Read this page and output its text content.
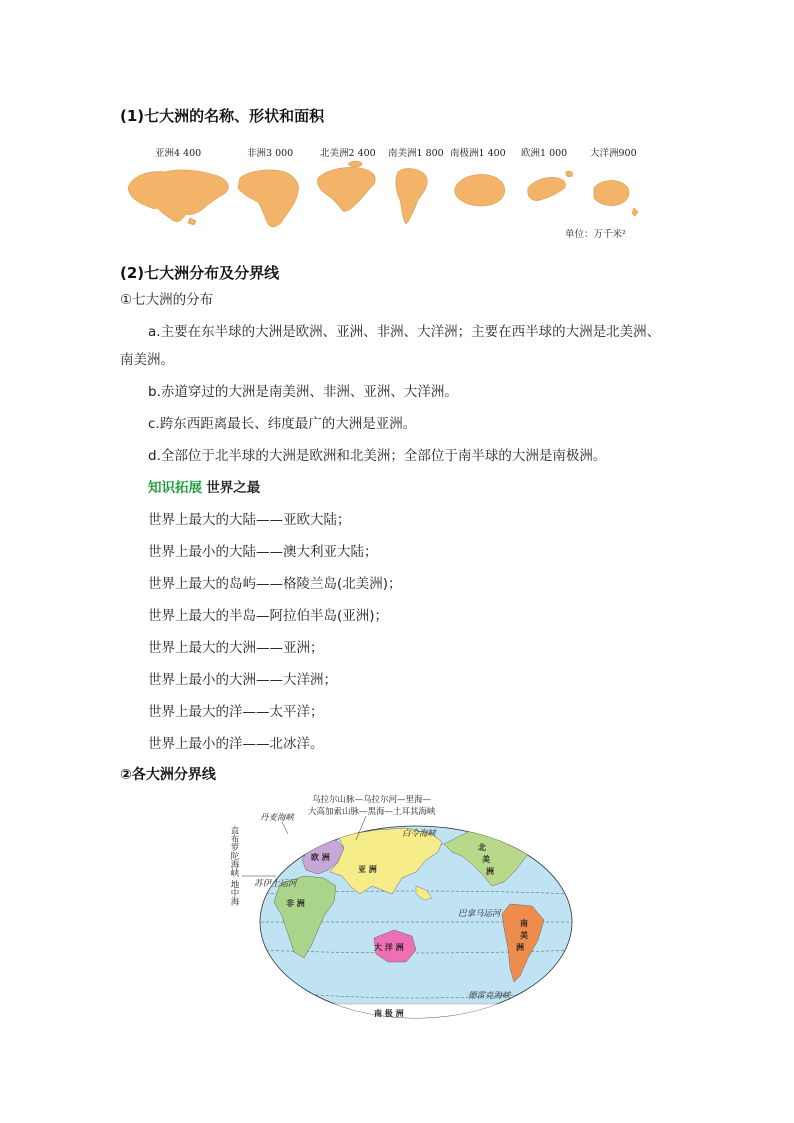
(1)七大洲的名称、形状和面积
亚洲4 400	非洲3 000	北美洲2 400 南美洲1 800 南极洲1 400 欧洲1 000 大洋洲900
单位：万千米²
(2)七大洲分布及分界线
①七大洲的分布
a.主要在东半球的大洲是欧洲、亚洲、非洲、大洋洲；主要在西半球的大洲是北美洲、
南美洲。
b.赤道穿过的大洲是南美洲、非洲、亚洲、大洋洲。
c.跨东西距离最长、纬度最广的大洲是亚洲。
d.全部位于北半球的大洲是欧洲和北美洲；全部位于南半球的大洲是南极洲。
知识拓展 世界之最
世界上最大的大陆——亚欧大陆；
世界上最小的大陆——澳大利亚大陆；
世界上最大的岛屿——格陵兰岛(北美洲)；
世界上最大的半岛—阿拉伯半岛(亚洲)；
世界上最大的大洲——亚洲；
世界上最小的大洲——大洋洲；
世界上最大的洋——太平洋；
世界上最小的洋——北冰洋。
②各大洲分界线
欧 洲
亚 洲
非 洲
北
美
洲
南
美
洲
大 洋 洲
南 极 洲
乌拉尔山脉—乌拉尔河—里海—
大高加索山脉—黑海—土耳其海峡
丹麦海峡
白令海峡
苏伊士运河
巴拿马运河
德雷克海峡
直布罗陀海峡
地中海
